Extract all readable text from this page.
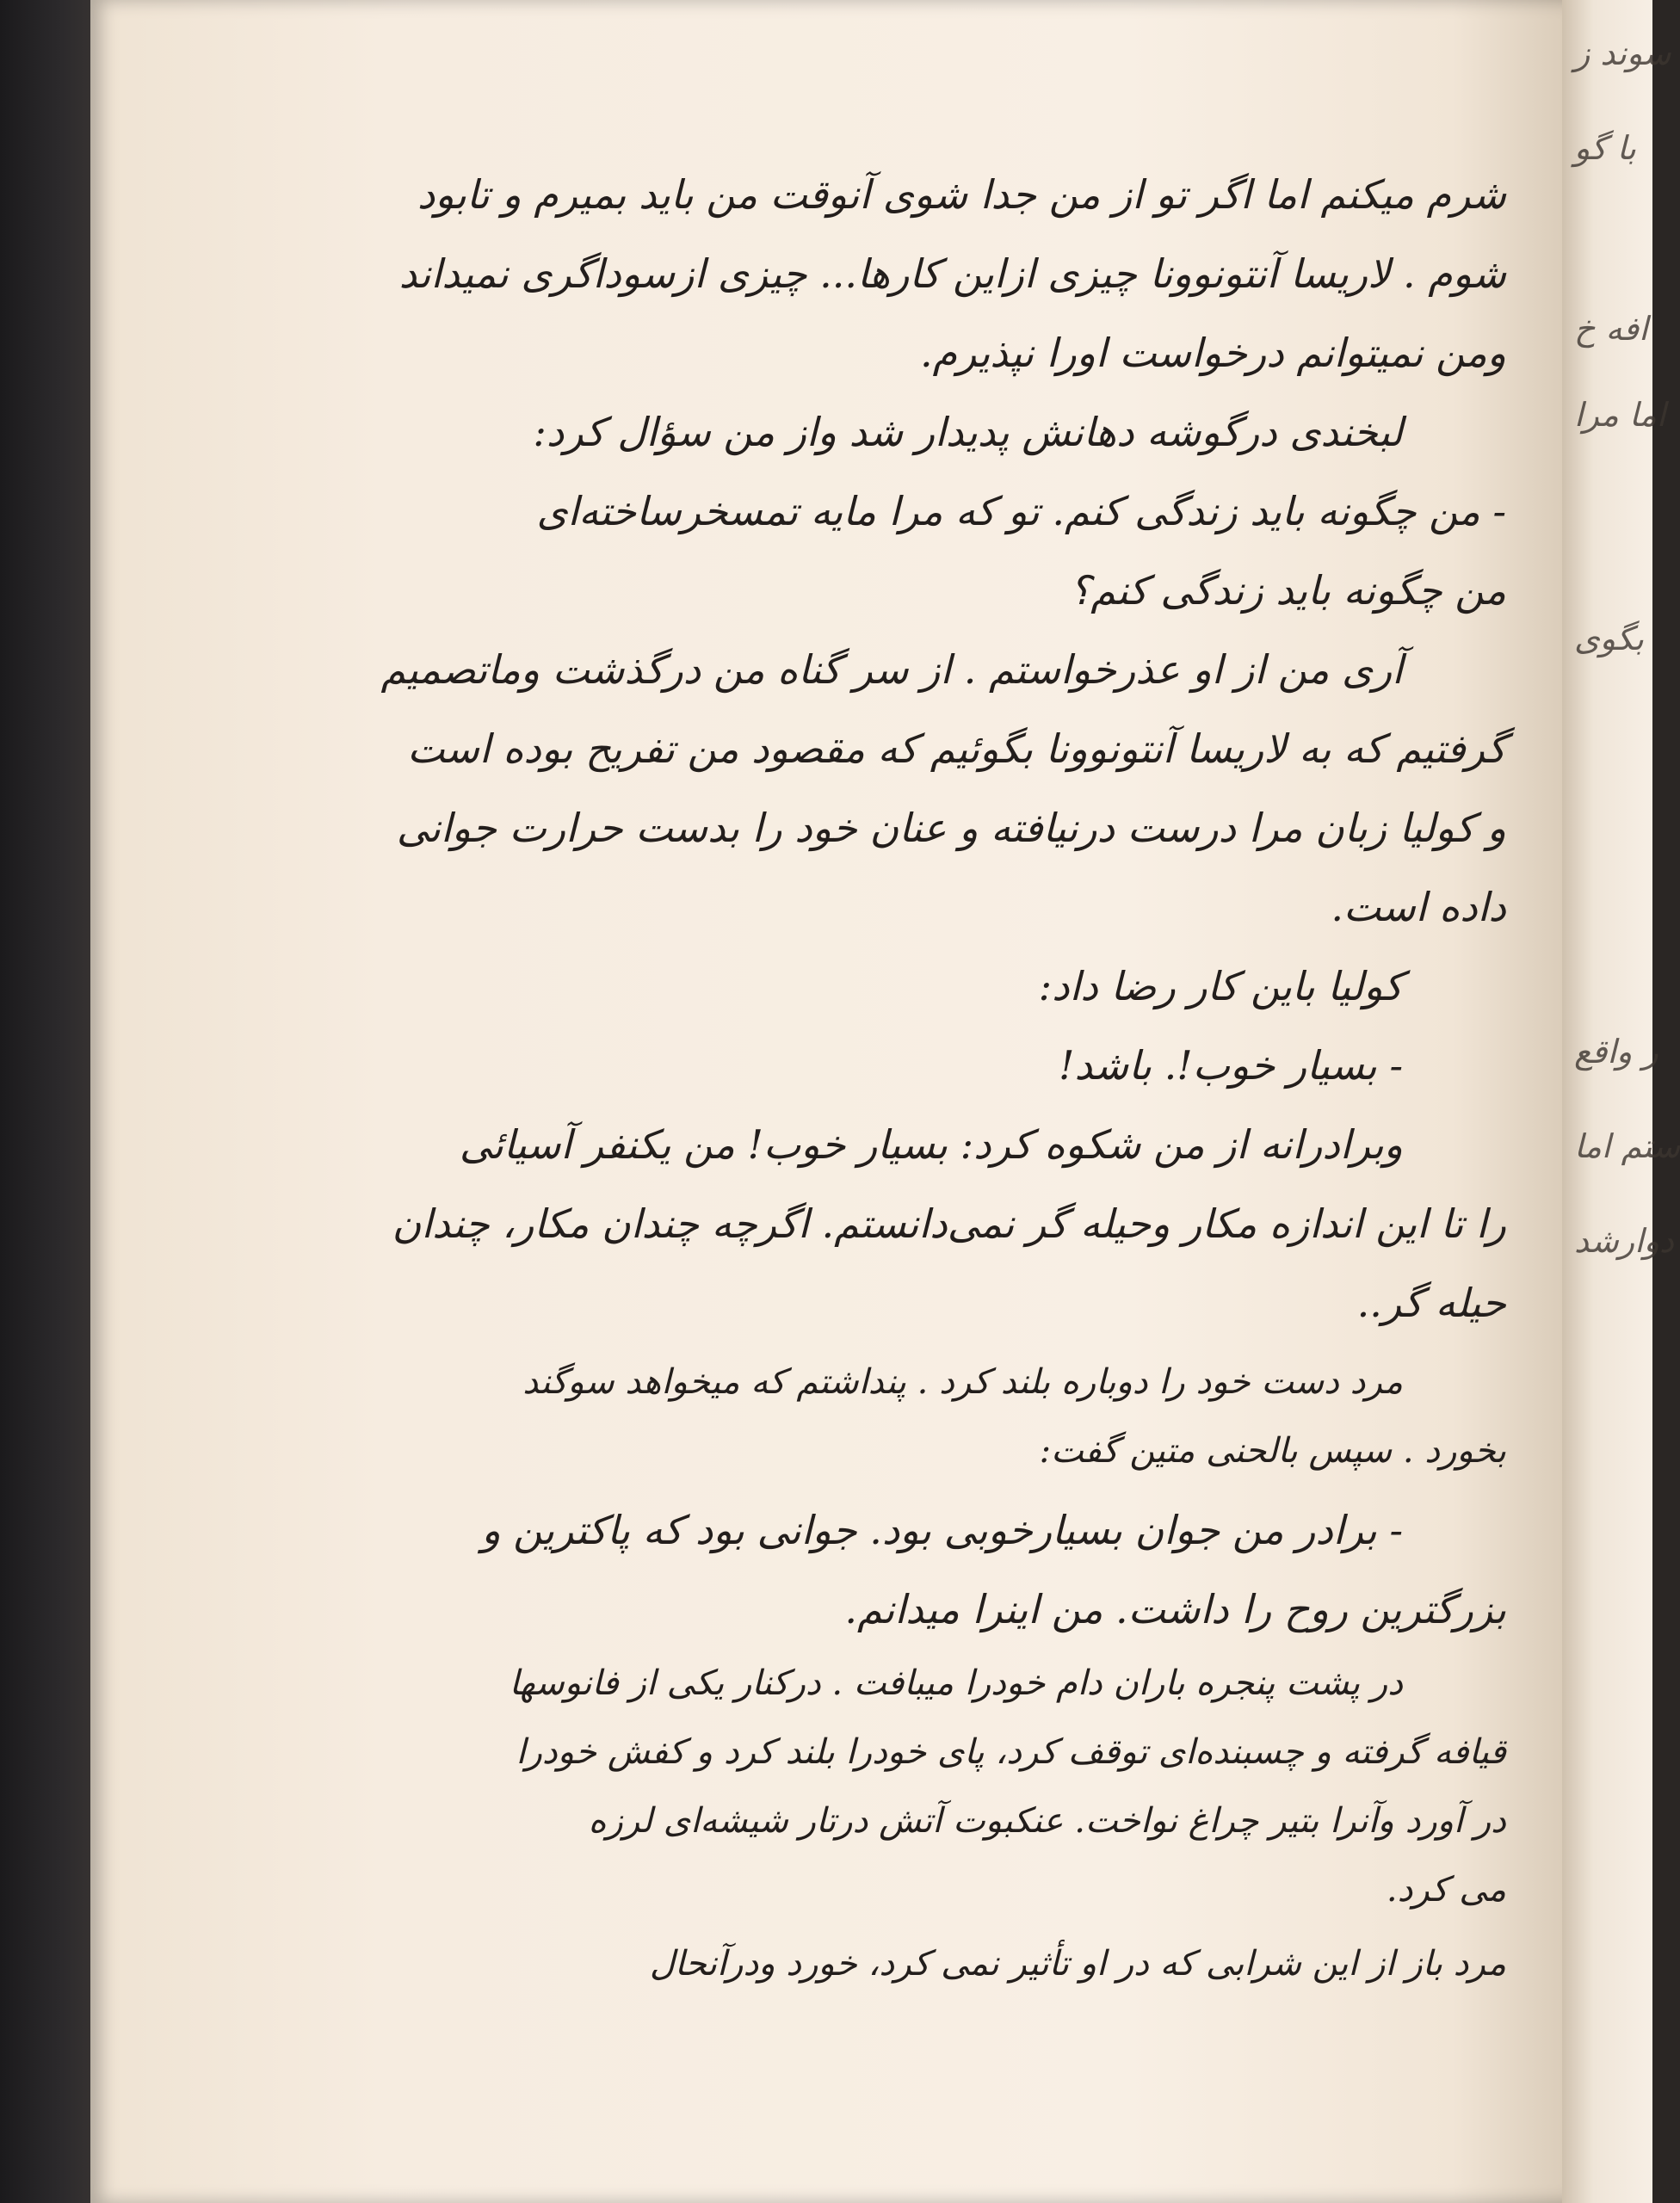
سوند ز
با گو
افه خ
اما مرا
بگوی
ر واقع
ستم اما
دوارشد
شرم میکنم اما اگر تو از من جدا شوی آنوقت من باید بمیرم و تابود
شوم . لاریسا آنتونوونا چیزی ازاین کارها... چیزی ازسوداگری نمیداند
ومن نمیتوانم درخواست اورا نپذیرم.
لبخندی درگوشه دهانش پدیدار شد واز من سؤال کرد:
- من چگونه باید زندگی کنم. تو که مرا مایه تمسخرساخته‌ای
من چگونه باید زندگی کنم؟
آری من از او عذرخواستم . از سر گناه من درگذشت وماتصمیم
گرفتیم که به لاریسا آنتونوونا بگوئیم که مقصود من تفریح بوده است
و کولیا زبان مرا درست درنیافته و عنان خود را بدست حرارت جوانی
داده است.
کولیا باین کار رضا داد:
- بسیار خوب!. باشد!
وبرادرانه از من شکوه کرد: بسیار خوب! من یکنفر آسیائی
را تا این اندازه مکار وحیله گر نمی‌دانستم. اگرچه چندان مکار، چندان
حیله گر..
مرد دست خود را دوباره بلند کرد . پنداشتم که میخواهد سوگند
بخورد . سپس بالحنی متین گفت:
- برادر من جوان بسیارخوبی بود. جوانی بود که پاکترین و
بزرگترین روح را داشت. من اینرا میدانم.
در پشت پنجره باران دام خودرا میبافت . درکنار یکی از فانوسها
قیافه گرفته و چسبنده‌ای توقف کرد، پای خودرا بلند کرد و کفش خودرا
در آورد وآنرا بتیر چراغ نواخت. عنکبوت آتش درتار شیشه‌ای لرزه
می کرد.
مرد باز از این شرابی که در او تأثیر نمی کرد، خورد ودرآنحال
